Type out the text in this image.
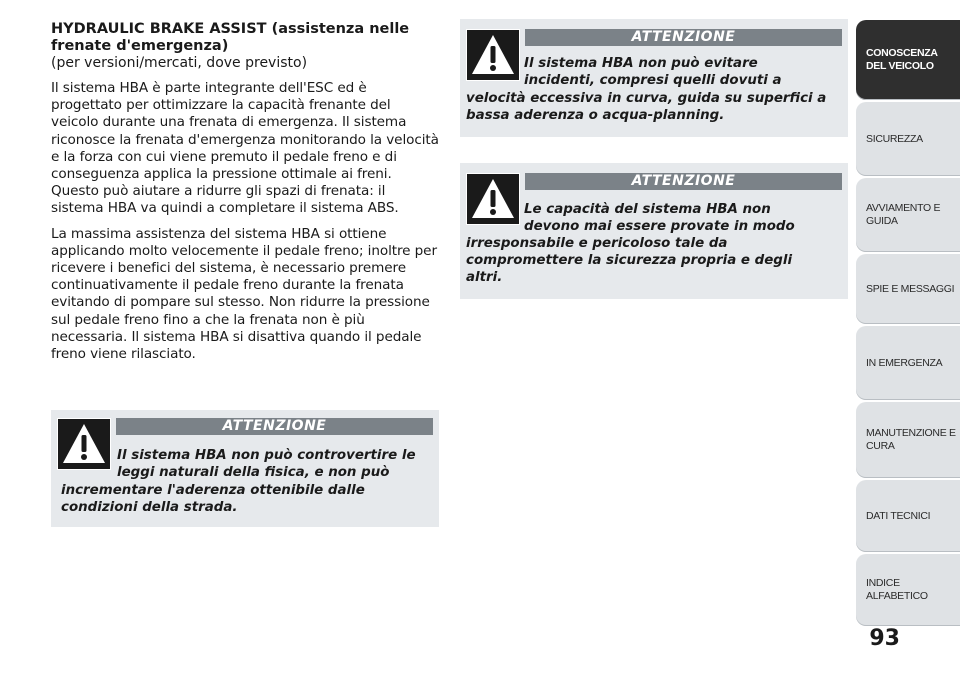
HYDRAULIC BRAKE ASSIST (assistenza nelle frenate d'emergenza)

(per versioni/mercati, dove previsto)

Il sistema HBA è parte integrante dell'ESC ed è progettato per ottimizzare la capacità frenante del veicolo durante una frenata di emergenza. Il sistema riconosce la frenata d'emergenza monitorando la velocità e la forza con cui viene premuto il pedale freno e di conseguenza applica la pressione ottimale ai freni. Questo può aiutare a ridurre gli spazi di frenata: il sistema HBA va quindi a completare il sistema ABS.

La massima assistenza del sistema HBA si ottiene applicando molto velocemente il pedale freno; inoltre per ricevere i benefici del sistema, è necessario premere continuativamente il pedale freno durante la frenata evitando di pompare sul stesso. Non ridurre la pressione sul pedale freno fino a che la frenata non è più necessaria. Il sistema HBA si disattiva quando il pedale freno viene rilasciato.

ATTENZIONE
Il sistema HBA non può controvertire le leggi naturali della fisica, e non può
incrementare l'aderenza ottenibile dalle condizioni della strada.
ATTENZIONE
Il sistema HBA non può evitare incidenti, compresi quelli dovuti a
velocità eccessiva in curva, guida su superfici a bassa aderenza o acqua-planning.
ATTENZIONE
Le capacità del sistema HBA non devono mai essere provate in modo
irresponsabile e pericoloso tale da compromettere la sicurezza propria e degli altri.
CONOSCENZA DEL VEICOLO
SICUREZZA
AVVIAMENTO E GUIDA
SPIE E MESSAGGI
IN EMERGENZA
MANUTENZIONE E CURA
DATI TECNICI
INDICE ALFABETICO
93
